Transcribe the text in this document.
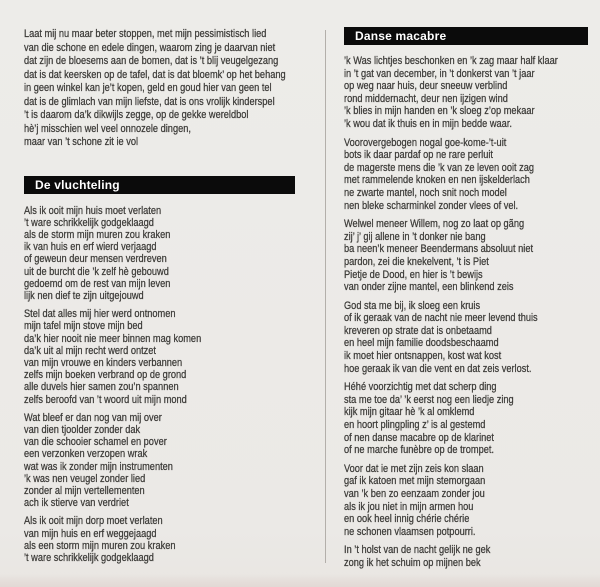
Laat mij nu maar beter stoppen, met mijn pessimistisch lied
van die schone en edele dingen, waarom zing je daarvan niet
dat zijn de bloesems aan de bomen, dat is ’t blij veugelgezang
dat is dat keersken op de tafel, dat is dat bloemk’ op het behang
in geen winkel kan je’t kopen, geld en goud hier van geen tel
dat is de glimlach van mijn liefste, dat is ons vrolijk kinderspel
’t is daarom da’k dikwijls zegge, op de gekke wereldbol
hè’j misschien wel veel onnozele dingen,
maar van ’t schone zit ie vol
De vluchteling
Als ik ooit mijn huis moet verlaten
’t ware schrikkelijk godgeklaagd
als de storm mijn muren zou kraken
ik van huis en erf wierd verjaagd
of geweun deur mensen verdreven
uit de burcht die ’k zelf hè gebouwd
gedoemd om de rest van mijn leven
lijk nen dief te zijn uitgejouwd
Stel dat alles mij hier werd ontnomen
mijn tafel mijn stove mijn bed
da’k hier nooit nie meer binnen mag komen
da’k uit al mijn recht werd ontzet
van mijn vrouwe en kinders verbannen
zelfs mijn boeken verbrand op de grond
alle duvels hier samen zou’n spannen
zelfs beroofd van ’t woord uit mijn mond
Wat bleef er dan nog van mij over
van dien tjoolder zonder dak
van die schooier schamel en pover
een verzonken verzopen wrak
wat was ik zonder mijn instrumenten
’k was nen veugel zonder lied
zonder al mijn vertellementen
ach ik stierve van verdriet
Als ik ooit mijn dorp moet verlaten
van mijn huis en erf weggejaagd
als een storm mijn muren zou kraken
’t ware schrikkelijk godgeklaagd
Danse macabre
’k Was lichtjes beschonken en ’k zag maar half klaar
in ’t gat van december, in ’t donkerst van ’t jaar
op weg naar huis, deur sneeuw verblind
rond middernacht, deur nen ijzigen wind
’k blies in mijn handen en ’k sloeg z’op mekaar
’k wou dat ik thuis en in mijn bedde waar.
Voorovergebogen nogal goe-kome-’t-uit
bots ik daar pardaf op ne rare perluit
de magerste mens die ’k van ze leven ooit zag
met rammelende knoken en nen ijskelderlach
ne zwarte mantel, noch snit noch model
nen bleke scharminkel zonder vlees of vel.
Welwel meneer Willem, nog zo laat op gãng
zij’ j’ gij allene in ’t donker nie bang
ba neen’k meneer Beendermans absoluut niet
pardon, zei die knekelvent, ’t is Piet
Pietje de Dood, en hier is ’t bewijs
van onder zijne mantel, een blinkend zeis
God sta me bij, ik sloeg een kruis
of ik geraak van de nacht nie meer levend thuis
kreveren op strate dat is onbetaamd
en heel mijn familie doodsbeschaamd
ik moet hier ontsnappen, kost wat kost
hoe geraak ik van die vent en dat zeis verlost.
Héhé voorzichtig met dat scherp ding
sta me toe da’ ’k eerst nog een liedje zing
kijk mijn gitaar hè ’k al omklemd
en hoort plingpling z’ is al gestemd
of nen danse macabre op de klarinet
of ne marche funèbre op de trompet.
Voor dat ie met zijn zeis kon slaan
gaf ik katoen met mijn stemorgaan
van ’k ben zo eenzaam zonder jou
als ik jou niet in mijn armen hou
en ook heel innig chérie chérie
ne schonen vlaamsen potpourri.
In ’t holst van de nacht gelijk ne gek
zong ik het schuim op mijnen bek
